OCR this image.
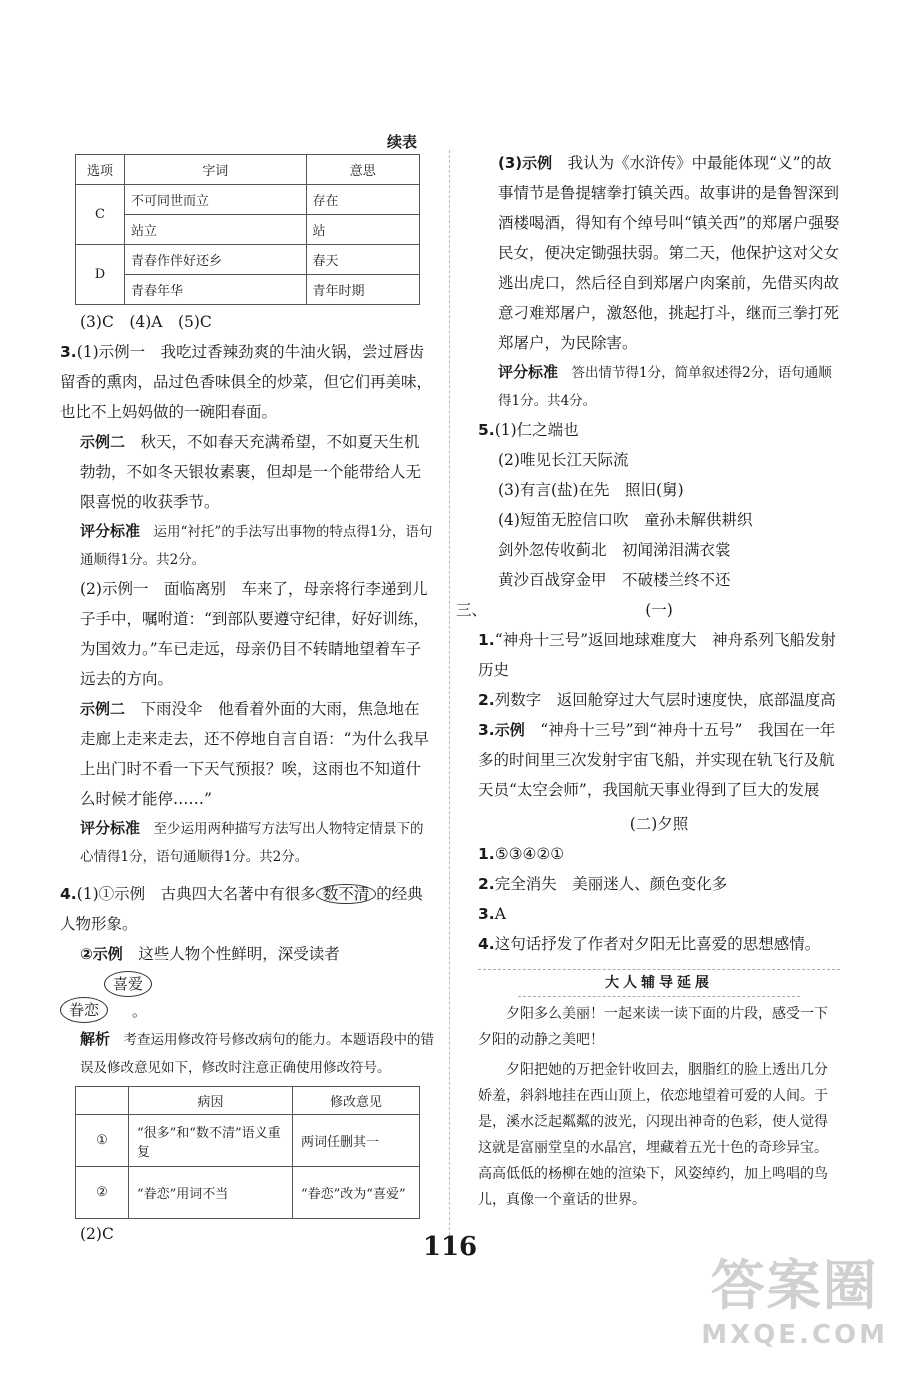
续表
选项	字词	意思
C	不可同世而立	存在
	站立	站
D	青春作伴好还乡	春天
	青春年华	青年时期

(3)C　(4)A　(5)C

3.(1)示例一　 我吃过香辣劲爽的牛油火锅，尝过唇齿留香的熏肉，品过色香味俱全的炒菜，但它们再美味，也比不上妈妈做的一碗阳春面。

示例二　 秋天，不如春天充满希望，不如夏天生机勃勃，不如冬天银妆素裹，但却是一个能带给人无限喜悦的收获季节。

评分标准　 运用“衬托”的手法写出事物的特点得1分，语句通顺得1分。共2分。

(2)示例一　 面临离别　车来了，母亲将行李递到儿子手中，嘱咐道：“到部队要遵守纪律，好好训练，为国效力。”车已走远，母亲仍目不转睛地望着车子远去的方向。

示例二　 下雨没伞　他看着外面的大雨，焦急地在走廊上走来走去，还不停地自言自语：“为什么我早上出门时不看一下天气预报？唉，这雨也不知道什么时候才能停……”

评分标准　 至少运用两种描写方法写出人物特定情景下的心情得1分，语句通顺得1分。共2分。

4.(1)①示例　 古典四大名著中有很多 数不清 的经典人物形象。

②示例　 这些人物个性鲜明，深受读者

喜爱
眷恋	。

解析　 考查运用修改符号修改病句的能力。本题语段中的错误及修改意见如下，修改时注意正确使用修改符号。

	病因	修改意见
①	“很多”和“数不清”语义重复	两词任删其一
②	“眷恋”用词不当	“眷恋”改为“喜爱”

(2)C

(3)示例　 我认为《水浒传》中最能体现“义”的故事情节是鲁提辖拳打镇关西。故事讲的是鲁智深到酒楼喝酒，得知有个绰号叫“镇关西”的郑屠户强娶民女，便决定锄强扶弱。第二天，他保护这对父女逃出虎口，然后径自到郑屠户肉案前，先借买肉故意刁难郑屠户，激怒他，挑起打斗，继而三拳打死郑屠户，为民除害。

评分标准　 答出情节得1分，简单叙述得2分，语句通顺得1分。共4分。

5.(1)仁之端也

(2)唯见长江天际流

(3)有言(盐)在先　照旧(舅)

(4)短笛无腔信口吹　童孙未解供耕织

剑外忽传收蓟北　初闻涕泪满衣裳

黄沙百战穿金甲　不破楼兰终不还

三、	(一)

1.“神舟十三号”返回地球难度大　神舟系列飞船发射历史

2.列数字　返回舱穿过大气层时速度快，底部温度高

3.示例　 “神舟十三号”到“神舟十五号”　我国在一年多的时间里三次发射宇宙飞船，并实现在轨飞行及航天员“太空会师”，我国航天事业得到了巨大的发展

(二)夕照

1.⑤③④②①

2.完全消失　美丽迷人、颜色变化多

3.A

4.这句话抒发了作者对夕阳无比喜爱的思想感情。

大人辅导延展

夕阳多么美丽！一起来读一读下面的片段，感受一下夕阳的动静之美吧！

夕阳把她的万把金针收回去，胭脂红的脸上透出几分娇羞，斜斜地挂在西山顶上，依恋地望着可爱的人间。于是，溪水泛起粼粼的波光，闪现出神奇的色彩，使人觉得这就是富丽堂皇的水晶宫，埋藏着五光十色的奇珍异宝。高高低低的杨柳在她的渲染下，风姿绰约，加上鸣唱的鸟儿，真像一个童话的世界。

116
答案圈
MXQE.COM
